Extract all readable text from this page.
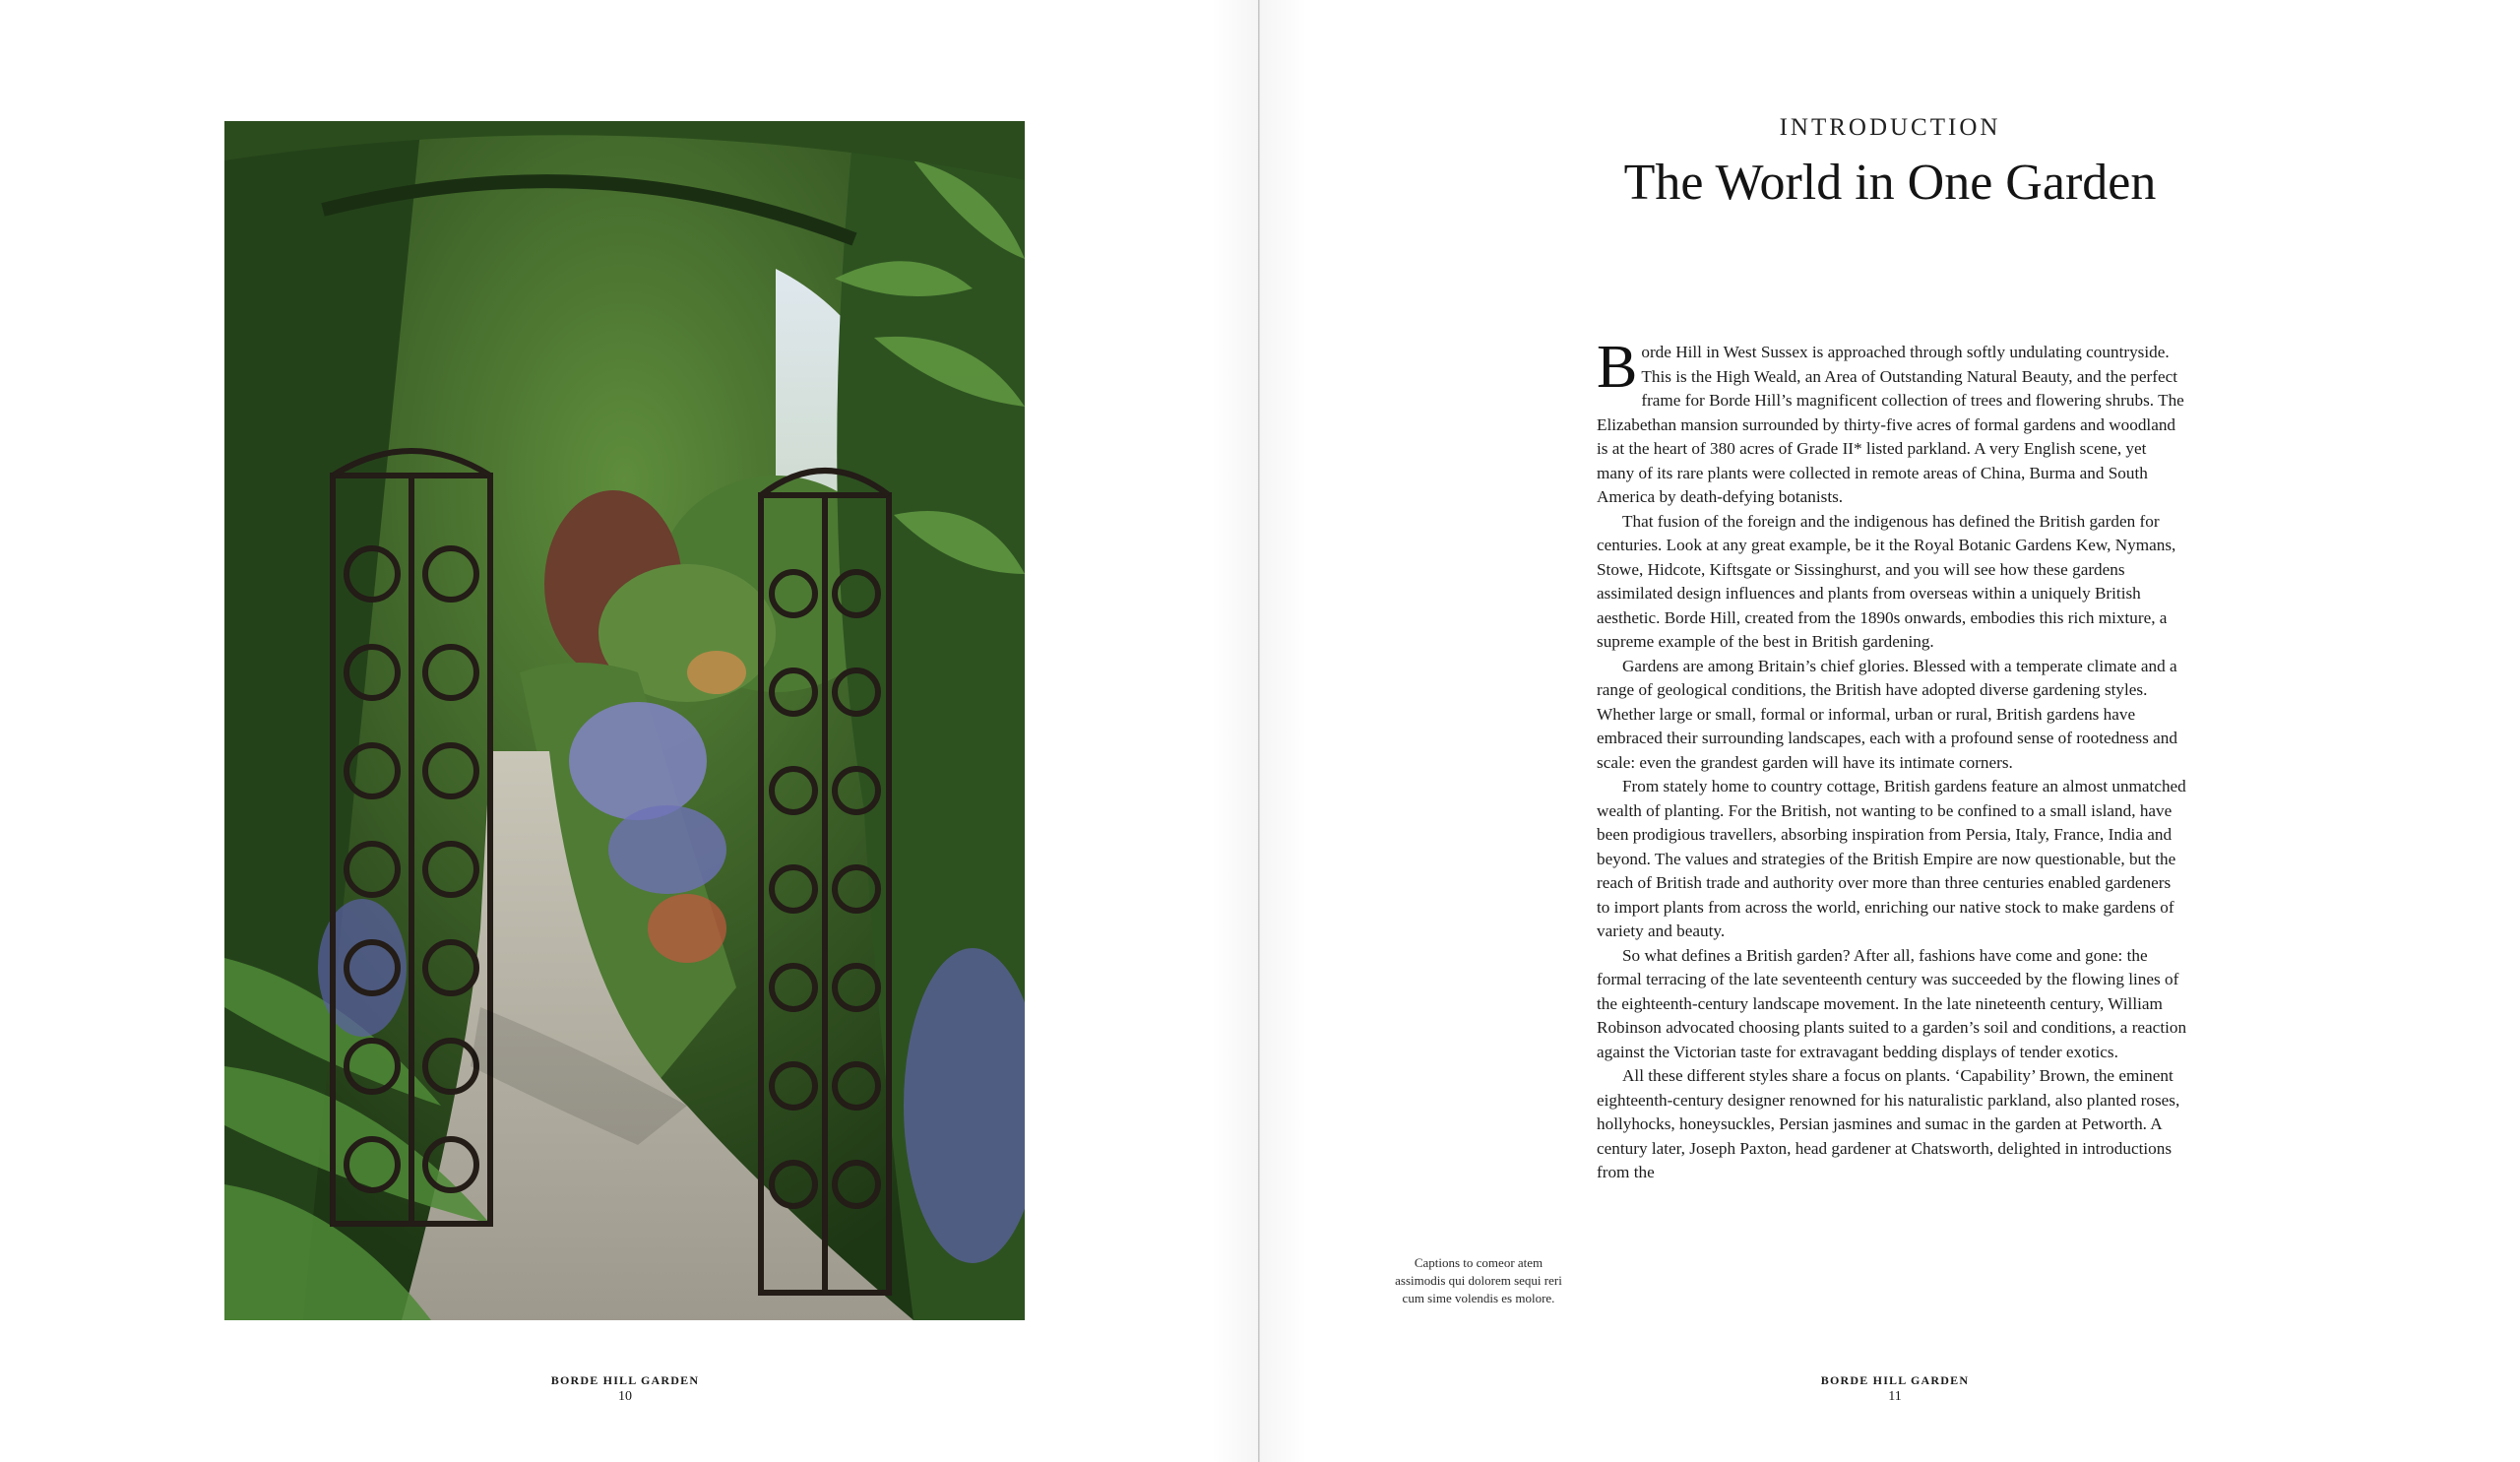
BORDE HILL GARDEN
10
INTRODUCTION
The World in One Garden

Borde Hill in West Sussex is approached through softly undulating countryside. This is the High Weald, an Area of Outstanding Natural Beauty, and the perfect frame for Borde Hill’s magnificent collection of trees and flowering shrubs. The Elizabethan mansion surrounded by thirty-five acres of formal gardens and woodland is at the heart of 380 acres of Grade II* listed parkland. A very English scene, yet many of its rare plants were collected in remote areas of China, Burma and South America by death-defying botanists.

That fusion of the foreign and the indigenous has defined the British garden for centuries. Look at any great example, be it the Royal Botanic Gardens Kew, Nymans, Stowe, Hidcote, Kiftsgate or Sissinghurst, and you will see how these gardens assimilated design influences and plants from overseas within a uniquely British aesthetic. Borde Hill, created from the 1890s onwards, embodies this rich mixture, a supreme example of the best in British gardening.

Gardens are among Britain’s chief glories. Blessed with a temperate climate and a range of geological conditions, the British have adopted diverse gardening styles. Whether large or small, formal or informal, urban or rural, British gardens have embraced their surrounding landscapes, each with a profound sense of rootedness and scale: even the grandest garden will have its intimate corners.

From stately home to country cottage, British gardens feature an almost unmatched wealth of planting. For the British, not wanting to be confined to a small island, have been prodigious travellers, absorbing inspiration from Persia, Italy, France, India and beyond. The values and strategies of the British Empire are now questionable, but the reach of British trade and authority over more than three centuries enabled gardeners to import plants from across the world, enriching our native stock to make gardens of variety and beauty.

So what defines a British garden? After all, fashions have come and gone: the formal terracing of the late seventeenth century was succeeded by the flowing lines of the eighteenth-century landscape movement. In the late nineteenth century, William Robinson advocated choosing plants suited to a garden’s soil and conditions, a reaction against the Victorian taste for extravagant bedding displays of tender exotics.

All these different styles share a focus on plants. ‘Capability’ Brown, the eminent eighteenth-century designer renowned for his naturalistic parkland, also planted roses, hollyhocks, honeysuckles, Persian jasmines and sumac in the garden at Petworth. A century later, Joseph Paxton, head gardener at Chatsworth, delighted in introductions from the

Captions to comeor atem assimodis qui dolorem sequi reri cum sime volendis es molore.
BORDE HILL GARDEN
11
